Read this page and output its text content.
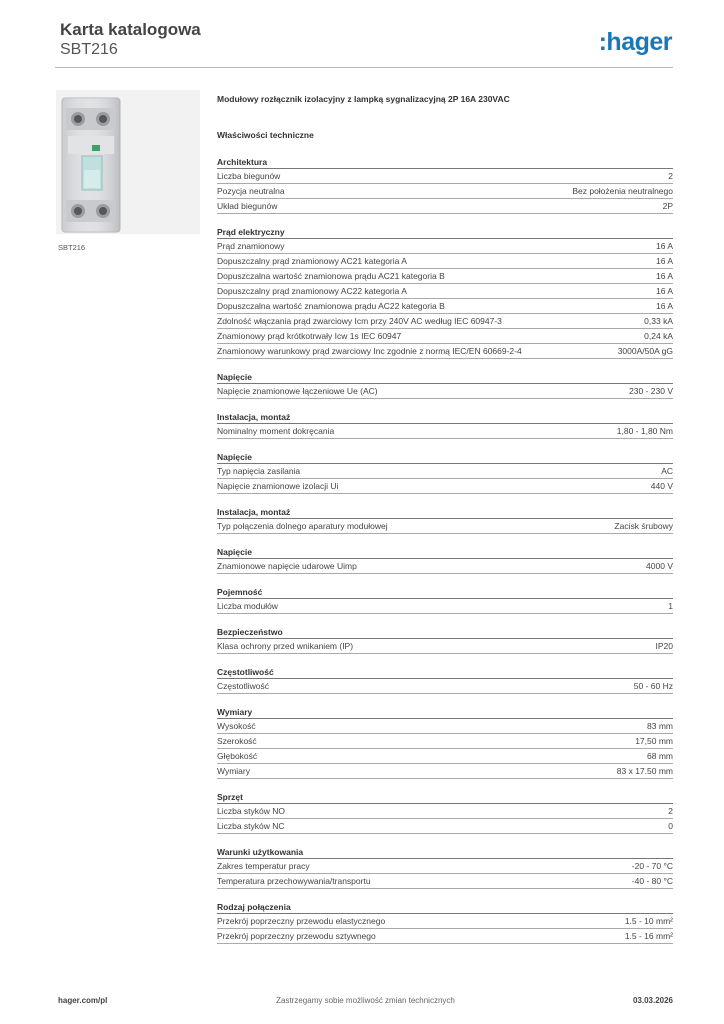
Karta katalogowa
SBT216	:hager
SBT216
Modułowy rozłącznik izolacyjny z lampką sygnalizacyjną 2P 16A 230VAC
Właściwości techniczne
Architektura
Liczba biegunów	2
Pozycja neutralna	Bez położenia neutralnego
Układ biegunów	2P
Prąd elektryczny
Prąd znamionowy	16 A
Dopuszczalny prąd znamionowy AC21 kategoria A	16 A
Dopuszczalna wartość znamionowa prądu AC21 kategoria B	16 A
Dopuszczalny prąd znamionowy AC22 kategoria A	16 A
Dopuszczalna wartość znamionowa prądu AC22 kategoria B	16 A
Zdolność włączania prąd zwarciowy Icm przy 240V AC według IEC 60947-3	0,33 kA
Znamionowy prąd krótkotrwały Icw 1s IEC 60947	0,24 kA
Znamionowy warunkowy prąd zwarciowy Inc zgodnie z normą IEC/EN 60669-2-4	3000A/50A gG
Napięcie
Napięcie znamionowe łączeniowe Ue (AC)	230 - 230 V
Instalacja, montaż
Nominalny moment dokręcania	1,80 - 1,80 Nm
Napięcie
Typ napięcia zasilania	AC
Napięcie znamionowe izolacji Ui	440 V
Instalacja, montaż
Typ połączenia dolnego aparatury modułowej	Zacisk śrubowy
Napięcie
Znamionowe napięcie udarowe Uimp	4000 V
Pojemność
Liczba modułów	1
Bezpieczeństwo
Klasa ochrony przed wnikaniem (IP)	IP20
Częstotliwość
Częstotliwość	50 - 60 Hz
Wymiary
Wysokość	83 mm
Szerokość	17,50 mm
Głębokość	68 mm
Wymiary	83 x 17.50 mm
Sprzęt
Liczba styków NO	2
Liczba styków NC	0
Warunki użytkowania
Zakres temperatur pracy	-20 - 70 °C
Temperatura przechowywania/transportu	-40 - 80 °C
Rodzaj połączenia
Przekrój poprzeczny przewodu elastycznego	1.5 - 10 mm²
Przekrój poprzeczny przewodu sztywnego	1.5 - 16 mm²
hager.com/pl	Zastrzegamy sobie możliwość zmian technicznych	03.03.2026
